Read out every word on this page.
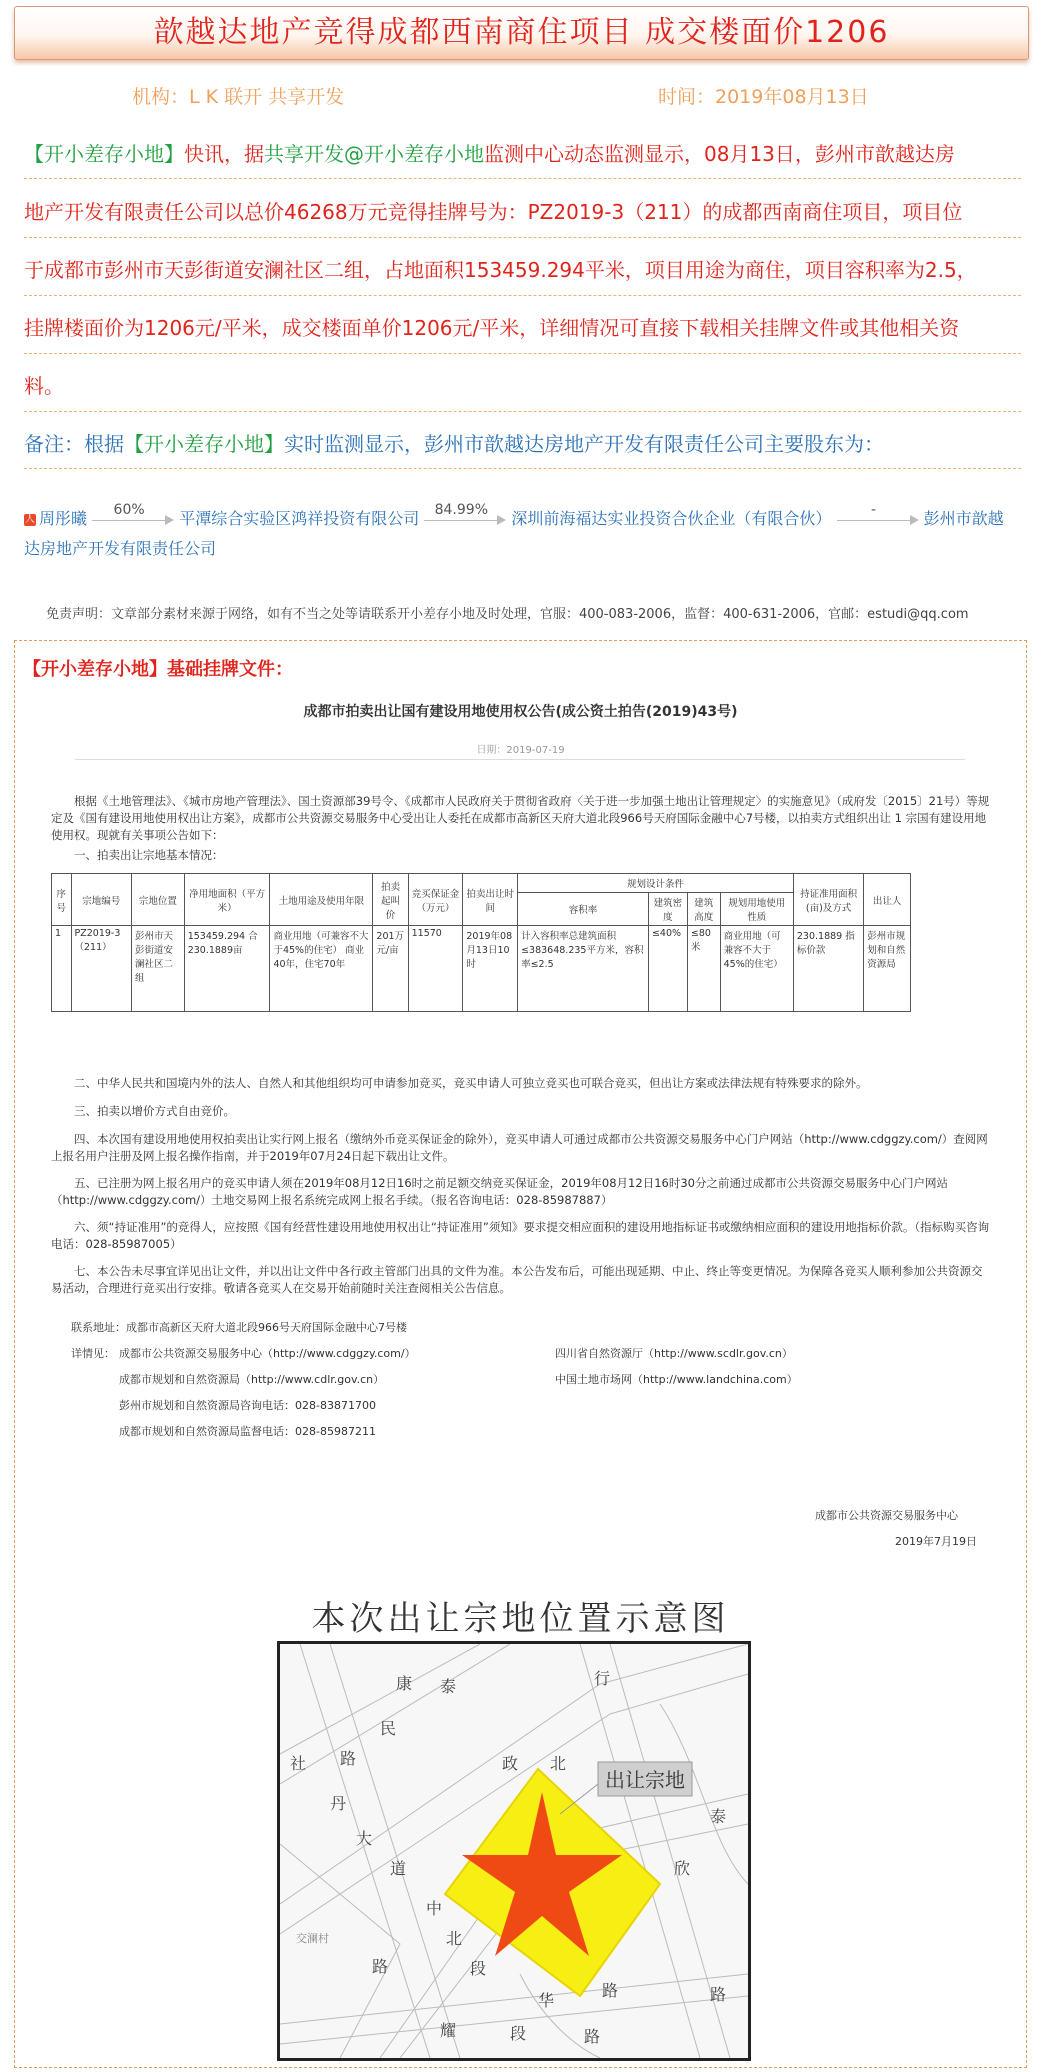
歆越达地产竞得成都西南商住项目 成交楼面价1206
机构：L K 联开 共享开发	时间：2019年08月13日
【开小差存小地】快讯，据共享开发@开小差存小地监测中心动态监测显示，08月13日，彭州市歆越达房
地产开发有限责任公司以总价46268万元竞得挂牌号为：PZ2019-3（211）的成都西南商住项目，项目位
于成都市彭州市天彭街道安澜社区二组，占地面积153459.294平米，项目用途为商住，项目容积率为2.5，
挂牌楼面价为1206元/平米，成交楼面单价1206元/平米，详细情况可直接下载相关挂牌文件或其他相关资
料。
备注：根据【开小差存小地】实时监测显示，彭州市歆越达房地产开发有限责任公司主要股东为：
人 周彤曦	60%	平潭综合实验区鸿祥投资有限公司	84.99%	深圳前海福达实业投资合伙企业（有限合伙）	-	彭州市歆越
达房地产开发有限责任公司
免责声明：文章部分素材来源于网络，如有不当之处等请联系开小差存小地及时处理，官服：400-083-2006，监督：400-631-2006，官邮：estudi@qq.com
【开小差存小地】基础挂牌文件：
成都市拍卖出让国有建设用地使用权公告(成公资土拍告(2019)43号)
日期：2019-07-19
根据《土地管理法》、《城市房地产管理法》、国土资源部39号令、《成都市人民政府关于贯彻省政府〈关于进一步加强土地出让管理规定〉的实施意见》（成府发〔2015〕21号）等规定及《国有建设用地使用权出让方案》，成都市公共资源交易服务中心受出让人委托在成都市高新区天府大道北段966号天府国际金融中心7号楼，以拍卖方式组织出让 1 宗国有建设用地使用权。现就有关事项公告如下：
一、拍卖出让宗地基本情况：
序号	宗地编号	宗地位置	净用地面积（平方米）	土地用途及使用年限	拍卖起叫价	竞买保证金（万元）	拍卖出让时间	规划设计条件				持证准用面积(亩)及方式	出让人
								容积率	建筑密度	建筑高度	规划用地使用性质		
1	PZ2019-3（211）	彭州市天彭街道安澜社区二组	153459.294 合230.1889亩	商业用地（可兼容不大于45%的住宅） 商业40年，住宅70年	201万元/亩	11570	2019年08月13日10时	计入容积率总建筑面积≤383648.235平方米，容积率≤2.5	≤40%	≤80米	商业用地（可兼容不大于45%的住宅）	230.1889 指标价款	彭州市规划和自然资源局
二、中华人民共和国境内外的法人、自然人和其他组织均可申请参加竞买，竞买申请人可独立竞买也可联合竞买，但出让方案或法律法规有特殊要求的除外。
三、拍卖以增价方式自由竞价。
四、本次国有建设用地使用权拍卖出让实行网上报名（缴纳外币竞买保证金的除外），竞买申请人可通过成都市公共资源交易服务中心门户网站（http://www.cdggzy.com/）查阅网上报名用户注册及网上报名操作指南，并于2019年07月24日起下载出让文件。
五、已注册为网上报名用户的竞买申请人须在2019年08月12日16时之前足额交纳竞买保证金，2019年08月12日16时30分之前通过成都市公共资源交易服务中心门户网站（http://www.cdggzy.com/）土地交易网上报名系统完成网上报名手续。（报名咨询电话：028-85987887）
六、须“持证准用”的竞得人，应按照《国有经营性建设用地使用权出让“持证准用”须知》要求提交相应面积的建设用地指标证书或缴纳相应面积的建设用地指标价款。（指标购买咨询电话：028-85987005）
七、本公告未尽事宜详见出让文件，并以出让文件中各行政主管部门出具的文件为准。本公告发布后，可能出现延期、中止、终止等变更情况。为保障各竞买人顺利参加公共资源交易活动，合理进行竞买出行安排。敬请各竞买人在交易开始前随时关注查阅相关公告信息。
联系地址：成都市高新区天府大道北段966号天府国际金融中心7号楼
详情见： 成都市公共资源交易服务中心（http://www.cdggzy.com/）	四川省自然资源厅（http://www.scdlr.gov.cn）
成都市规划和自然资源局（http://www.cdlr.gov.cn）	中国土地市场网（http://www.landchina.com）
彭州市规划和自然资源局咨询电话：028-83871700
成都市规划和自然资源局监督电话：028-85987211
成都市公共资源交易服务中心
2019年7月19日
本次出让宗地位置示意图
出让宗地
行
康 泰
民
政 北
社 路
丹
大
道
中
北
段
交澜村
路
华
路
耀	段	路
欣
泰
路
